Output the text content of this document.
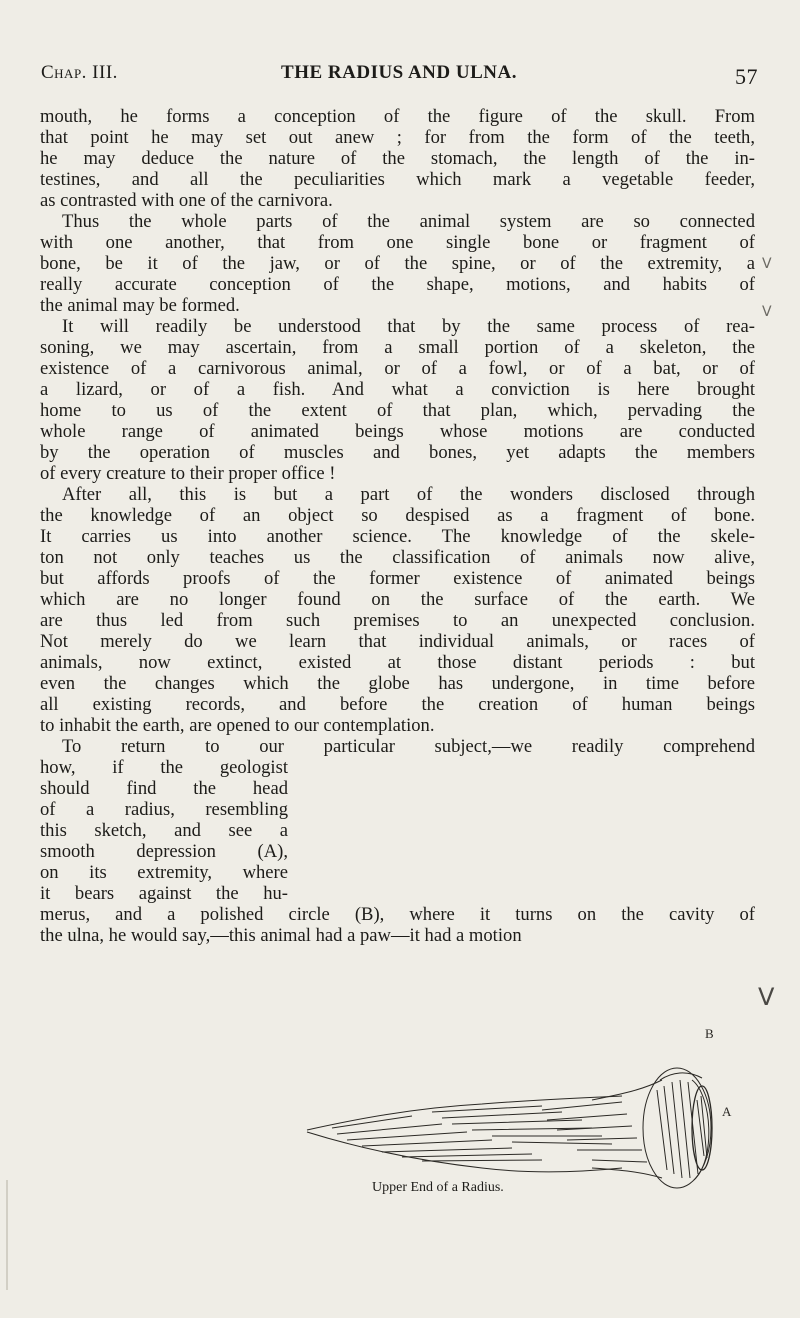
Chap. III.	THE RADIUS AND ULNA.	57
mouth, he forms a conception of the figure of the skull. From
that point he may set out anew ; for from the form of the teeth,
he may deduce the nature of the stomach, the length of the in-
testines, and all the peculiarities which mark a vegetable feeder,
as contrasted with one of the carnivora.
Thus the whole parts of the animal system are so connected
with one another, that from one single bone or fragment of
bone, be it of the jaw, or of the spine, or of the extremity, a
really accurate conception of the shape, motions, and habits of
the animal may be formed.
It will readily be understood that by the same process of rea-
soning, we may ascertain, from a small portion of a skeleton, the
existence of a carnivorous animal, or of a fowl, or of a bat, or of
a lizard, or of a fish. And what a conviction is here brought
home to us of the extent of that plan, which, pervading the
whole range of animated beings whose motions are conducted
by the operation of muscles and bones, yet adapts the members
of every creature to their proper office !
After all, this is but a part of the wonders disclosed through
the knowledge of an object so despised as a fragment of bone.
It carries us into another science. The knowledge of the skele-
ton not only teaches us the classification of animals now alive,
but affords proofs of the former existence of animated beings
which are no longer found on the surface of the earth. We
are thus led from such premises to an unexpected conclusion.
Not merely do we learn that individual animals, or races of
animals, now extinct, existed at those distant periods : but
even the changes which the globe has undergone, in time before
all existing records, and before the creation of human beings
to inhabit the earth, are opened to our contemplation.
To return to our particular subject,—we readily comprehend
how, if the geologist
should find the head
of a radius, resembling
this sketch, and see a
smooth depression (A),
on its extremity, where
it bears against the hu-
merus, and a polished circle (B), where it turns on the cavity of
the ulna, he would say,—this animal had a paw—it had a motion
B
A
Upper End of a Radius.
V
V
V
